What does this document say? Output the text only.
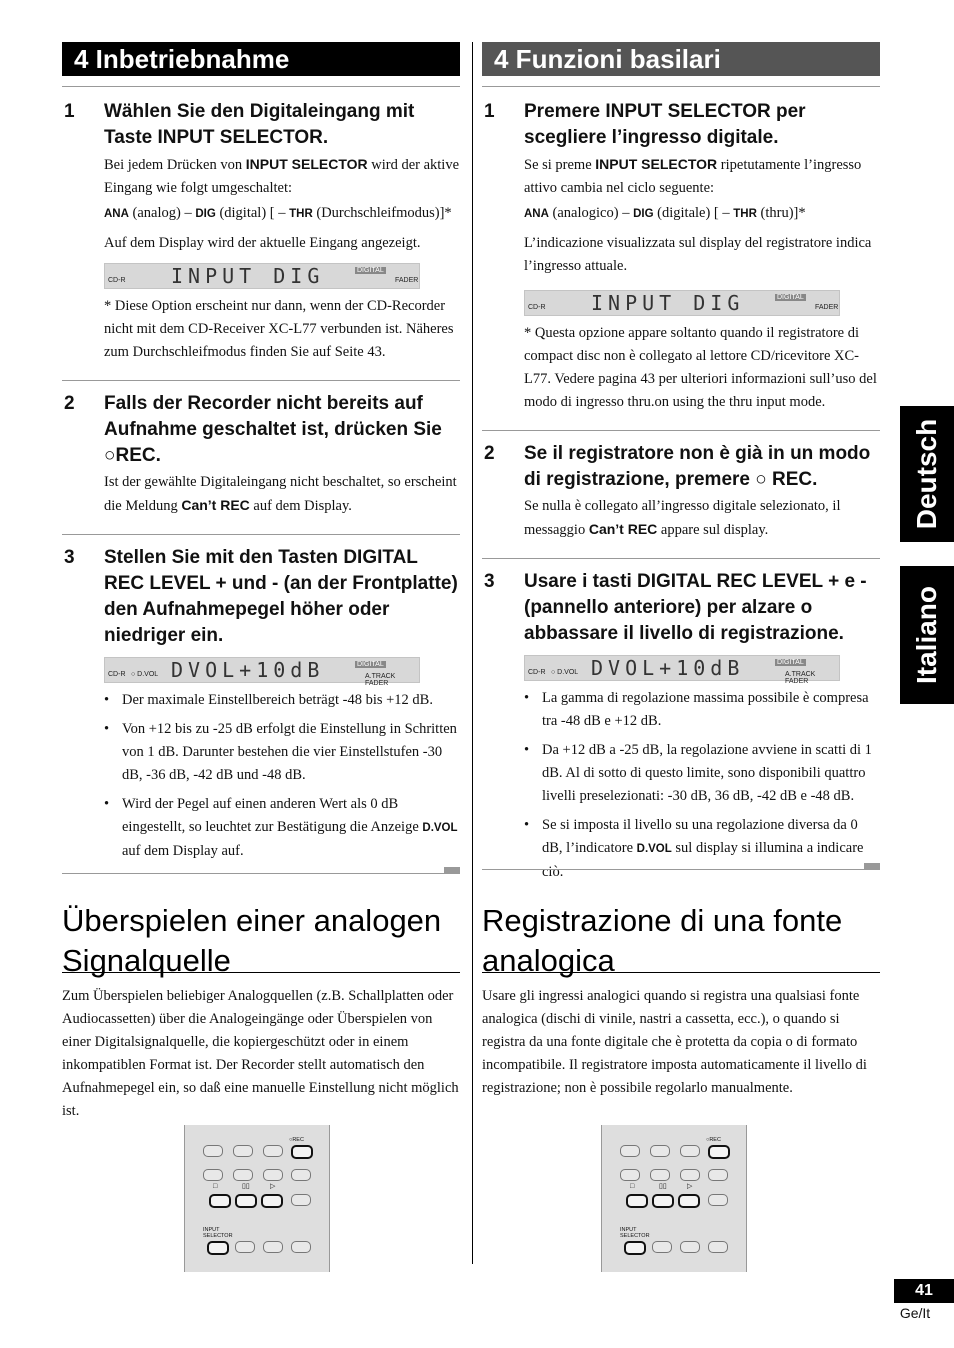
4 Inbetriebnahme
1 Wählen Sie den Digitaleingang mit Taste INPUT SELECTOR.

Bei jedem Drücken von INPUT SELECTOR wird der aktive Eingang wie folgt umgeschaltet:

ANA (analog) – DIG (digital) [ – THR (Durchschleifmodus)]*

Auf dem Display wird der aktuelle Eingang angezeigt.

CD-R INPUT DIG	DIGITAL
FADER

* Diese Option erscheint nur dann, wenn der CD-Recorder nicht mit dem CD-Receiver XC-L77 verbunden ist. Näheres zum Durchschleifmodus finden Sie auf Seite 43.

2 Falls der Recorder nicht bereits auf Aufnahme geschaltet ist, drücken Sie ○REC.

Ist der gewählte Digitaleingang nicht beschaltet, so erscheint die Meldung Can’t REC auf dem Display.

3 Stellen Sie mit den Tasten DIGITAL REC LEVEL + und - (an der Frontplatte) den Aufnahmepegel höher oder niedriger ein.

CD-R ○ D.VOL DVOL+10dB	DIGITAL
A.TRACK FADER
• Der maximale Einstellbereich beträgt -48 bis +12 dB.
• Von +12 bis zu -25 dB erfolgt die Einstellung in Schritten von 1 dB. Darunter bestehen die vier Einstellstufen -30 dB, -36 dB, -42 dB und -48 dB.
• Wird der Pegel auf einen anderen Wert als 0 dB eingestellt, so leuchtet zur Bestätigung die Anzeige D.VOL auf dem Display auf.
Überspielen einer analogen Signalquelle

Zum Überspielen beliebiger Analogquellen (z.B. Schallplatten oder Audiocassetten) über die Analogeingänge oder Überspielen von einer Digitalsignalquelle, die kopiergeschützt oder in einem inkompatiblen Format ist. Der Recorder stellt automatisch den Aufnahmepegel ein, so daß eine manuelle Einstellung nicht möglich ist.

4 Funzioni basilari
1 Premere INPUT SELECTOR per scegliere l’ingresso digitale.

Se si preme INPUT SELECTOR ripetutamente l’ingresso attivo cambia nel ciclo seguente:

ANA (analogico) – DIG (digitale) [ – THR (thru)]*

L’indicazione visualizzata sul display del registratore indica l’ingresso attuale.

CD-R INPUT DIG	DIGITAL
FADER

* Questa opzione appare soltanto quando il registratore di compact disc non è collegato al lettore CD/ricevitore XC-L77. Vedere pagina 43 per ulteriori informazioni sull’uso del modo di ingresso thru.on using the thru input mode.

2 Se il registratore non è già in un modo di registrazione, premere ○ REC.

Se nulla è collegato all’ingresso digitale selezionato, il messaggio Can’t REC appare sul display.

3 Usare i tasti DIGITAL REC LEVEL + e - (pannello anteriore) per alzare o abbassare il livello di registrazione.

CD-R ○ D.VOL DVOL+10dB	DIGITAL
A.TRACK FADER
• La gamma di regolazione massima possibile è compresa tra -48 dB e +12 dB.
• Da +12 dB a -25 dB, la regolazione avviene in scatti di 1 dB. Al di sotto di questo limite, sono disponibili quattro livelli preselezionati: -30 dB, 36 dB, -42 dB e -48 dB.
• Se si imposta il livello su una regolazione diversa da 0 dB, l’indicatore D.VOL sul display si illumina a indicare ciò.
Registrazione di una fonte analogica

Usare gli ingressi analogici quando si registra una qualsiasi fonte analogica (dischi di vinile, nastri a cassetta, ecc.), o quando si registra da una fonte digitale che è protetta da copia o di formato incompatibile. Il registratore imposta automaticamente il livello di registrazione; non è possibile regolarlo manualmente.

○REC
□	▯▯	▷
INPUT SELECTOR
○REC
□	▯▯	▷
INPUT SELECTOR
Deutsch
Italiano
41
Ge/It
